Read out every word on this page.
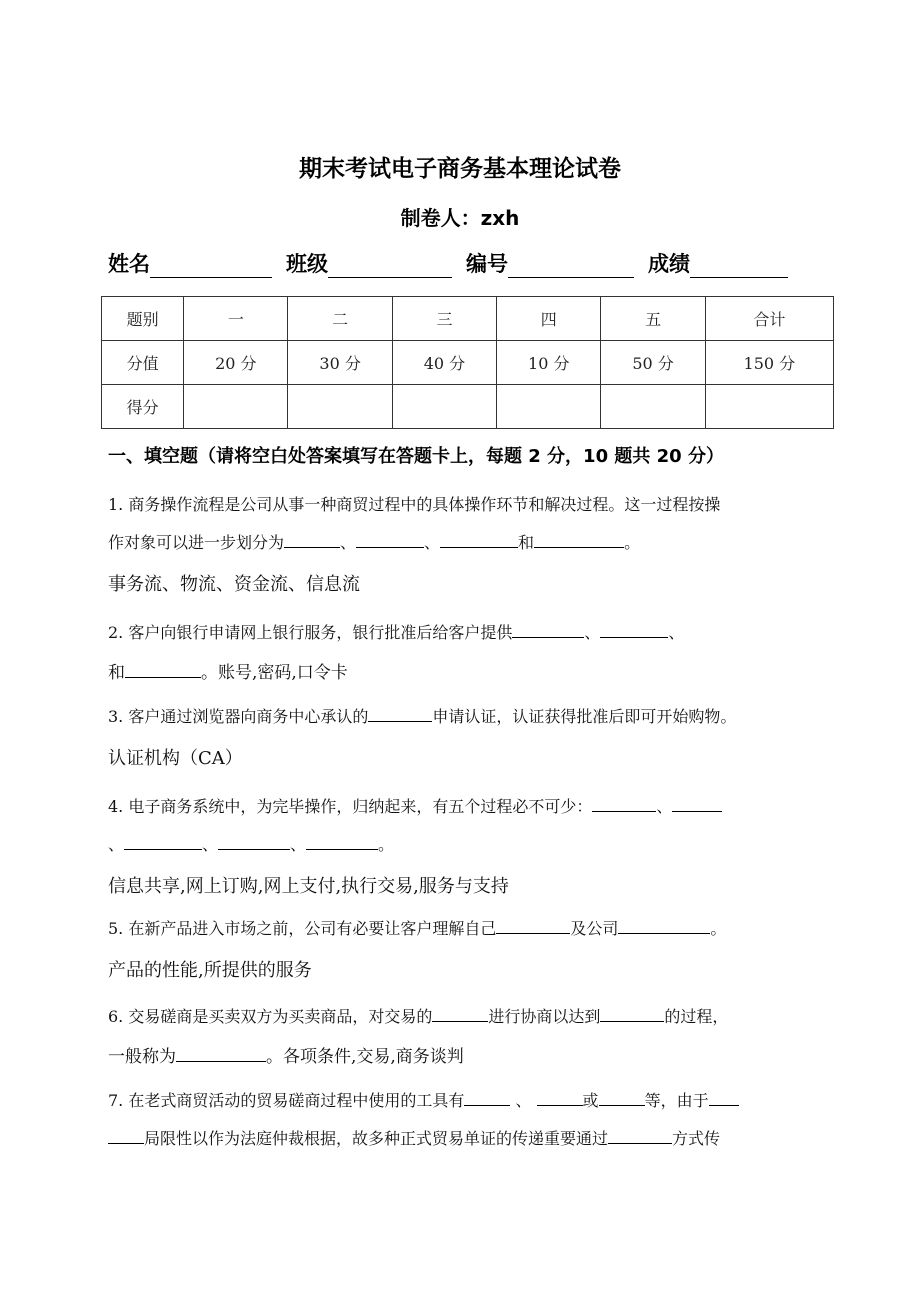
期末考试电子商务基本理论试卷
制卷人：zxh
姓名	班级	编号	成绩
题别	一	二	三	四	五	合计
分值	20 分	30 分	40 分	10 分	50 分	150 分
得分						
一、填空题（请将空白处答案填写在答题卡上，每题 2 分，10 题共 20 分）
1. 商务操作流程是公司从事一种商贸过程中的具体操作环节和解决过程。这一过程按操
作对象可以进一步划分为	、	、	和	。
事务流、物流、资金流、信息流
2. 客户向银行申请网上银行服务，银行批准后给客户提供	、	、
和	。账号,密码,口令卡
3. 客户通过浏览器向商务中心承认的	申请认证，认证获得批准后即可开始购物。
认证机构（CA）
4. 电子商务系统中，为完毕操作，归纳起来，有五个过程必不可少：	、
、	、	、	。
信息共享,网上订购,网上支付,执行交易,服务与支持
5. 在新产品进入市场之前，公司有必要让客户理解自己	及公司	。
产品的性能,所提供的服务
6. 交易磋商是买卖双方为买卖商品，对交易的	进行协商以达到	的过程，
一般称为	。各项条件,交易,商务谈判
7. 在老式商贸活动的贸易磋商过程中使用的工具有	、	或	等，由于
局限性以作为法庭仲裁根据，故多种正式贸易单证的传递重要通过	方式传
